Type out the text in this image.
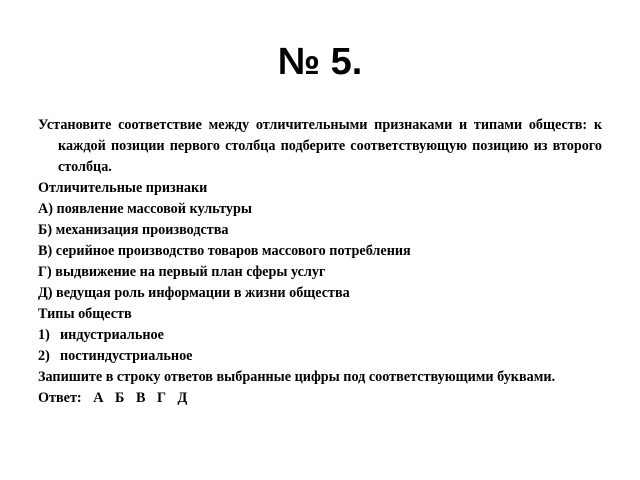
№ 5.

Установите соответствие между отличительными признаками и типами обществ: к каждой позиции первого столбца подберите соответствующую позицию из второго столбца.

Отличительные признаки

А) появление массовой культуры

Б) механизация производства

В) серийное производство товаров массового потребления

Г) выдвижение на первый план сферы услуг

Д) ведущая роль информации в жизни общества

Типы обществ

1) индустриальное
2) постиндустриальное

Запишите в строку ответов выбранные цифры под соответствующими буквами.

Ответ: А Б В Г Д
